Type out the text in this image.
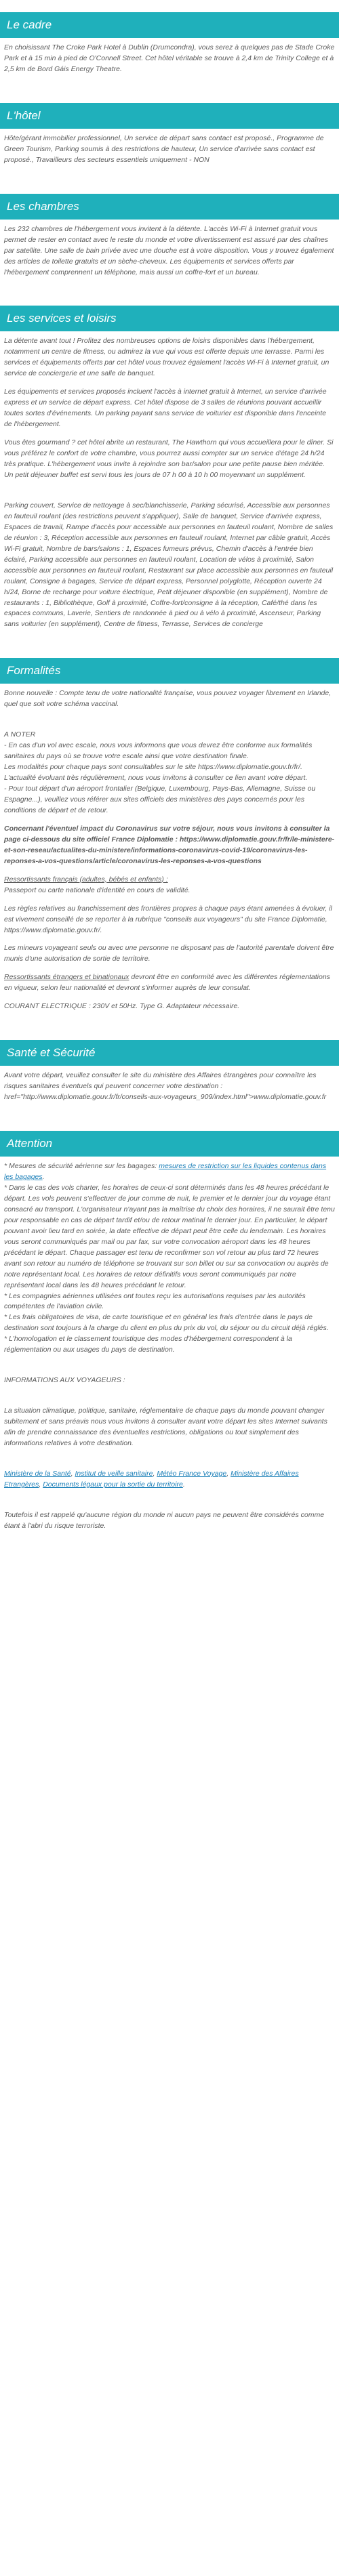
Le cadre

En choisissant The Croke Park Hotel à Dublin (Drumcondra), vous serez à quelques pas de Stade Croke Park et à 15 min à pied de O'Connell Street. Cet hôtel véritable se trouve à 2,4 km de Trinity College et à 2,5 km de Bord Gáis Energy Theatre.

L'hôtel

Hôte/gérant immobilier professionnel, Un service de départ sans contact est proposé., Programme de Green Tourism, Parking soumis à des restrictions de hauteur, Un service d'arrivée sans contact est proposé., Travailleurs des secteurs essentiels uniquement - NON

Les chambres

Les 232 chambres de l'hébergement vous invitent à la détente. L'accès Wi-Fi à Internet gratuit vous permet de rester en contact avec le reste du monde et votre divertissement est assuré par des chaînes par satellite. Une salle de bain privée avec une douche est à votre disposition. Vous y trouvez également des articles de toilette gratuits et un sèche-cheveux. Les équipements et services offerts par l'hébergement comprennent un téléphone, mais aussi un coffre-fort et un bureau.

Les services et loisirs

La détente avant tout ! Profitez des nombreuses options de loisirs disponibles dans l'hébergement, notamment un centre de fitness, ou admirez la vue qui vous est offerte depuis une terrasse. Parmi les services et équipements offerts par cet hôtel vous trouvez également l'accès Wi-Fi à Internet gratuit, un service de conciergerie et une salle de banquet.

Les équipements et services proposés incluent l'accès à internet gratuit à Internet, un service d'arrivée express et un service de départ express. Cet hôtel dispose de 3 salles de réunions pouvant accueillir toutes sortes d'événements. Un parking payant sans service de voiturier est disponible dans l'enceinte de l'hébergement.

Vous êtes gourmand ? cet hôtel abrite un restaurant, The Hawthorn qui vous accueillera pour le dîner. Si vous préférez le confort de votre chambre, vous pourrez aussi compter sur un service d'étage 24 h/24 très pratique. L'hébergement vous invite à rejoindre son bar/salon pour une petite pause bien méritée. Un petit déjeuner buffet est servi tous les jours de 07 h 00 à 10 h 00 moyennant un supplément.

Parking couvert, Service de nettoyage à sec/blanchisserie, Parking sécurisé, Accessible aux personnes en fauteuil roulant (des restrictions peuvent s'appliquer), Salle de banquet, Service d'arrivée express, Espaces de travail, Rampe d'accès pour accessible aux personnes en fauteuil roulant, Nombre de salles de réunion : 3, Réception accessible aux personnes en fauteuil roulant, Internet par câble gratuit, Accès Wi-Fi gratuit, Nombre de bars/salons : 1, Espaces fumeurs prévus, Chemin d'accès à l'entrée bien éclairé, Parking accessible aux personnes en fauteuil roulant, Location de vélos à proximité, Salon accessible aux personnes en fauteuil roulant, Restaurant sur place accessible aux personnes en fauteuil roulant, Consigne à bagages, Service de départ express, Personnel polyglotte, Réception ouverte 24 h/24, Borne de recharge pour voiture électrique, Petit déjeuner disponible (en supplément), Nombre de restaurants : 1, Bibliothèque, Golf à proximité, Coffre-fort/consigne à la réception, Café/thé dans les espaces communs, Laverie, Sentiers de randonnée à pied ou à vélo à proximité, Ascenseur, Parking sans voiturier (en supplément), Centre de fitness, Terrasse, Services de concierge

Formalités

Bonne nouvelle : Compte tenu de votre nationalité française, vous pouvez voyager librement en Irlande, quel que soit votre schéma vaccinal.

A NOTER

- En cas d'un vol avec escale, nous vous informons que vous devrez être conforme aux formalités sanitaires du pays où se trouve votre escale ainsi que votre destination finale.
Les modalités pour chaque pays sont consultables sur le site https://www.diplomatie.gouv.fr/fr/. L'actualité évoluant très régulièrement, nous vous invitons à consulter ce lien avant votre départ.
- Pour tout départ d'un aéroport frontalier (Belgique, Luxembourg, Pays-Bas, Allemagne, Suisse ou Espagne...), veuillez vous référer aux sites officiels des ministères des pays concernés pour les conditions de départ et de retour.

Concernant l'éventuel impact du Coronavirus sur votre séjour, nous vous invitons à consulter la page ci-dessous du site officiel France Diplomatie : https://www.diplomatie.gouv.fr/fr/le-ministere-et-son-reseau/actualites-du-ministere/informations-coronavirus-covid-19/coronavirus-les-reponses-a-vos-questions/article/coronavirus-les-reponses-a-vos-questions

Ressortissants français (adultes, bébés et enfants) :

Passeport ou carte nationale d'identité en cours de validité.

Les règles relatives au franchissement des frontières propres à chaque pays étant amenées à évoluer, il est vivement conseillé de se reporter à la rubrique "conseils aux voyageurs" du site France Diplomatie, https://www.diplomatie.gouv.fr/.

Les mineurs voyageant seuls ou avec une personne ne disposant pas de l'autorité parentale doivent être munis d'une autorisation de sortie de territoire.

Ressortissants étrangers et binationaux devront être en conformité avec les différentes réglementations en vigueur, selon leur nationalité et devront s'informer auprès de leur consulat.

COURANT ELECTRIQUE : 230V et 50Hz. Type G. Adaptateur nécessaire.

Santé et Sécurité

Avant votre départ, veuillez consulter le site du ministère des Affaires étrangères pour connaître les risques sanitaires éventuels qui peuvent concerner votre destination : href="http://www.diplomatie.gouv.fr/fr/conseils-aux-voyageurs_909/index.html">www.diplomatie.gouv.fr

Attention
* Mesures de sécurité aérienne sur les bagages: mesures de restriction sur les liquides contenus dans les bagages.
* Dans le cas des vols charter, les horaires de ceux-ci sont déterminés dans les 48 heures précédant le départ. Les vols peuvent s'effectuer de jour comme de nuit, le premier et le dernier jour du voyage étant consacré au transport. L'organisateur n'ayant pas la maîtrise du choix des horaires, il ne saurait être tenu pour responsable en cas de départ tardif et/ou de retour matinal le dernier jour. En particulier, le départ pouvant avoir lieu tard en soirée, la date effective de départ peut être celle du lendemain. Les horaires vous seront communiqués par mail ou par fax, sur votre convocation aéroport dans les 48 heures précédant le départ. Chaque passager est tenu de reconfirmer son vol retour au plus tard 72 heures avant son retour au numéro de téléphone se trouvant sur son billet ou sur sa convocation ou auprès de notre représentant local. Les horaires de retour définitifs vous seront communiqués par notre représentant local dans les 48 heures précédant le retour.
* Les compagnies aériennes utilisées ont toutes reçu les autorisations requises par les autorités compétentes de l'aviation civile.
* Les frais obligatoires de visa, de carte touristique et en général les frais d'entrée dans le pays de destination sont toujours à la charge du client en plus du prix du vol, du séjour ou du circuit déjà réglés.

* L'homologation et le classement touristique des modes d'hébergement correspondent à la réglementation ou aux usages du pays de destination.

INFORMATIONS AUX VOYAGEURS :

La situation climatique, politique, sanitaire, réglementaire de chaque pays du monde pouvant changer subitement et sans préavis nous vous invitons à consulter avant votre départ les sites Internet suivants afin de prendre connaissance des éventuelles restrictions, obligations ou tout simplement des informations relatives à votre destination.

Ministère de la Santé, Institut de veille sanitaire, Météo France Voyage, Ministère des Affaires Etrangères, Documents légaux pour la sortie du territoire.

Toutefois il est rappelé qu'aucune région du monde ni aucun pays ne peuvent être considérés comme étant à l'abri du risque terroriste.
